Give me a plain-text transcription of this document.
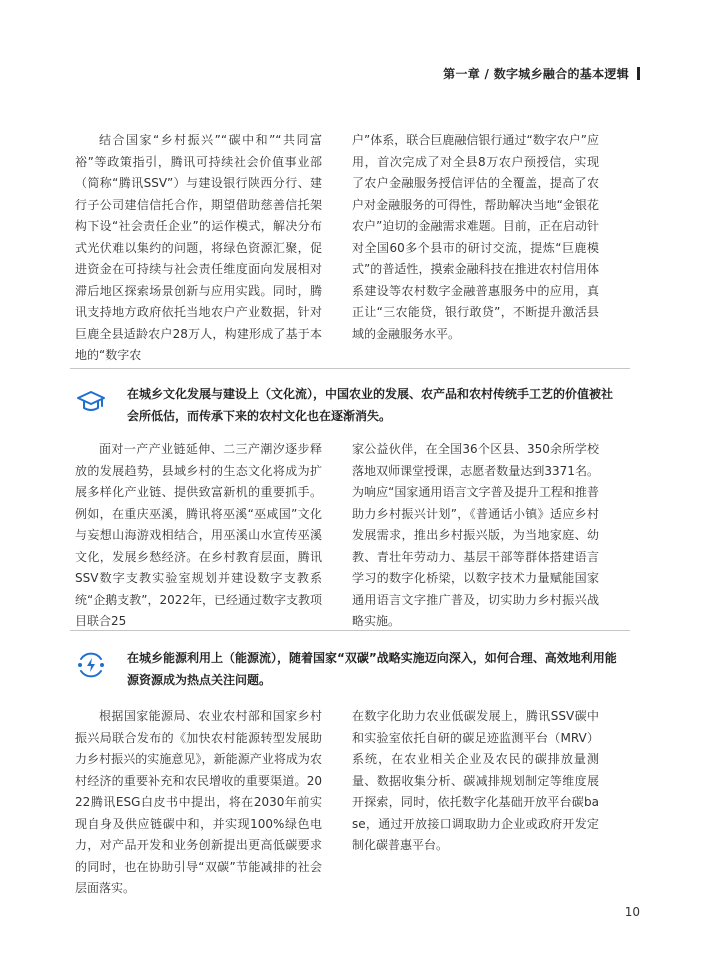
第一章 / 数字城乡融合的基本逻辑

结合国家“乡村振兴”“碳中和”“共同富裕”等政策指引，腾讯可持续社会价值事业部（简称“腾讯SSV”）与建设银行陕西分行、建行子公司建信信托合作，期望借助慈善信托架构下设“社会责任企业”的运作模式，解决分布式光伏难以集约的问题，将绿色资源汇聚，促进资金在可持续与社会责任维度面向发展相对滞后地区探索场景创新与应用实践。同时，腾讯支持地方政府依托当地农户产业数据，针对巨鹿全县适龄农户28万人，构建形成了基于本地的“数字农

户”体系，联合巨鹿融信银行通过“数字农户”应用，首次完成了对全县8万农户预授信，实现了农户金融服务授信评估的全覆盖，提高了农户对金融服务的可得性，帮助解决当地“金银花农户”迫切的金融需求难题。目前，正在启动针对全国60多个县市的研讨交流，提炼“巨鹿模式”的普适性，摸索金融科技在推进农村信用体系建设等农村数字金融普惠服务中的应用，真正让“三农能贷，银行敢贷”，不断提升激活县域的金融服务水平。

在城乡文化发展与建设上（文化流），中国农业的发展、农产品和农村传统手工艺的价值被社会所低估，而传承下来的农村文化也在逐渐消失。

面对一产产业链延伸、二三产潮汐逐步释放的发展趋势，县域乡村的生态文化将成为扩展多样化产业链、提供致富新机的重要抓手。例如，在重庆巫溪，腾讯将巫溪“巫咸国”文化与妄想山海游戏相结合，用巫溪山水宣传巫溪文化，发展乡愁经济。在乡村教育层面，腾讯SSV数字支教实验室规划并建设数字支教系统“企鹅支教”，2022年，已经通过数字支教项目联合25

家公益伙伴，在全国36个区县、350余所学校落地双师课堂授课，志愿者数量达到3371名。为响应“国家通用语言文字普及提升工程和推普助力乡村振兴计划”，《普通话小镇》适应乡村发展需求，推出乡村振兴版，为当地家庭、幼教、青壮年劳动力、基层干部等群体搭建语言学习的数字化桥梁，以数字技术力量赋能国家通用语言文字推广普及，切实助力乡村振兴战略实施。

在城乡能源利用上（能源流），随着国家“双碳”战略实施迈向深入，如何合理、高效地利用能源资源成为热点关注问题。

根据国家能源局、农业农村部和国家乡村振兴局联合发布的《加快农村能源转型发展助力乡村振兴的实施意见》，新能源产业将成为农村经济的重要补充和农民增收的重要渠道。2022腾讯ESG白皮书中提出，将在2030年前实现自身及供应链碳中和，并实现100%绿色电力，对产品开发和业务创新提出更高低碳要求的同时，也在协助引导“双碳”节能减排的社会层面落实。

在数字化助力农业低碳发展上，腾讯SSV碳中和实验室依托自研的碳足迹监测平台（MRV）系统，在农业相关企业及农民的碳排放量测量、数据收集分析、碳减排规划制定等维度展开探索，同时，依托数字化基础开放平台碳base，通过开放接口调取助力企业或政府开发定制化碳普惠平台。

10
